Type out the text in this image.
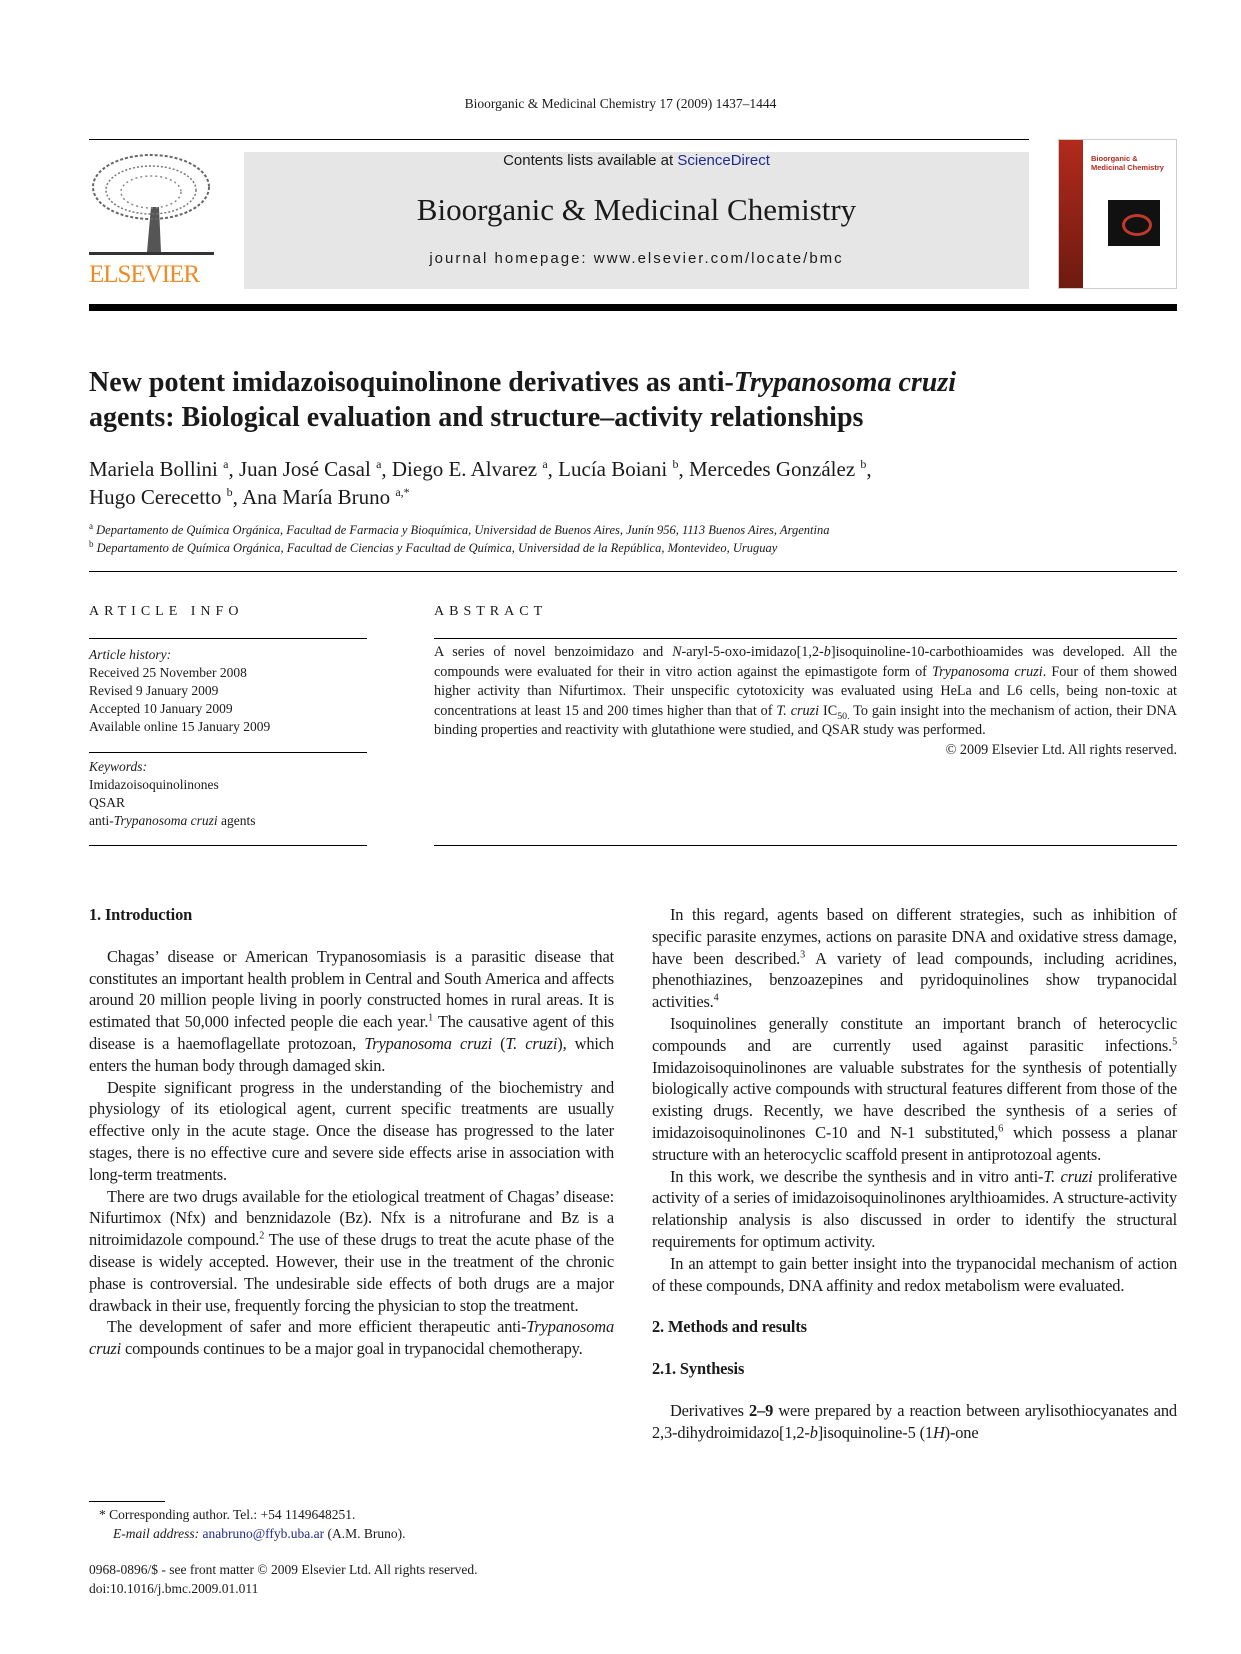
Bioorganic & Medicinal Chemistry 17 (2009) 1437–1444
ELSEVIER
Contents lists available at ScienceDirect
Bioorganic & Medicinal Chemistry
journal homepage: www.elsevier.com/locate/bmc
Bioorganic & Medicinal Chemistry
New potent imidazoisoquinolinone derivatives as anti-Trypanosoma cruzi
agents: Biological evaluation and structure–activity relationships
Mariela Bollini $^a$, Juan José Casal $^a$, Diego E. Alvarez $^a$, Lucía Boiani $^b$, Mercedes González $^b$,
Hugo Cerecetto $^b$, Ana María Bruno $^{a,*}$
$^a$ Departamento de Química Orgánica, Facultad de Farmacia y Bioquímica, Universidad de Buenos Aires, Junín 956, 1113 Buenos Aires, Argentina
$^b$ Departamento de Química Orgánica, Facultad de Ciencias y Facultad de Química, Universidad de la República, Montevideo, Uruguay
ARTICLE INFO	ABSTRACT
Article history:
Received 25 November 2008
Revised 9 January 2009
Accepted 10 January 2009
Available online 15 January 2009
Keywords:
Imidazoisoquinolinones
QSAR
anti-Trypanosoma cruzi agents
A series of novel benzoimidazo and N-aryl-5-oxo-imidazo[1,2-b]isoquinoline-10-carbothioamides was developed. All the compounds were evaluated for their in vitro action against the epimastigote form of Trypanosoma cruzi. Four of them showed higher activity than Nifurtimox. Their unspecific cytotoxicity was evaluated using HeLa and L6 cells, being non-toxic at concentrations at least 15 and 200 times higher than that of T. cruzi $IC_{50.}$ To gain insight into the mechanism of action, their DNA binding properties and reactivity with glutathione were studied, and QSAR study was performed.
© 2009 Elsevier Ltd. All rights reserved.
1. Introduction

Chagas’ disease or American Trypanosomiasis is a parasitic disease that constitutes an important health problem in Central and South America and affects around 20 million people living in poorly constructed homes in rural areas. It is estimated that 50,000 infected people die each year.$^1$ The causative agent of this disease is a haemoflagellate protozoan, Trypanosoma cruzi (T. cruzi), which enters the human body through damaged skin.

Despite significant progress in the understanding of the biochemistry and physiology of its etiological agent, current specific treatments are usually effective only in the acute stage. Once the disease has progressed to the later stages, there is no effective cure and severe side effects arise in association with long-term treatments.

There are two drugs available for the etiological treatment of Chagas’ disease: Nifurtimox (Nfx) and benznidazole (Bz). Nfx is a nitrofurane and Bz is a nitroimidazole compound.$^2$ The use of these drugs to treat the acute phase of the disease is widely accepted. However, their use in the treatment of the chronic phase is controversial. The undesirable side effects of both drugs are a major drawback in their use, frequently forcing the physician to stop the treatment.

The development of safer and more efficient therapeutic anti-Trypanosoma cruzi compounds continues to be a major goal in trypanocidal chemotherapy.

* Corresponding author. Tel.: +54 1149648251.
E-mail address: anabruno@ffyb.uba.ar (A.M. Bruno).
0968-0896/$ - see front matter © 2009 Elsevier Ltd. All rights reserved.
doi:10.1016/j.bmc.2009.01.011

In this regard, agents based on different strategies, such as inhibition of specific parasite enzymes, actions on parasite DNA and oxidative stress damage, have been described.$^3$ A variety of lead compounds, including acridines, phenothiazines, benzoazepines and pyridoquinolines show trypanocidal activities.$^4$

Isoquinolines generally constitute an important branch of heterocyclic compounds and are currently used against parasitic infections.$^5$ Imidazoisoquinolinones are valuable substrates for the synthesis of potentially biologically active compounds with structural features different from those of the existing drugs. Recently, we have described the synthesis of a series of imidazoisoquinolinones C-10 and N-1 substituted,$^6$ which possess a planar structure with an heterocyclic scaffold present in antiprotozoal agents.

In this work, we describe the synthesis and in vitro anti-T. cruzi proliferative activity of a series of imidazoisoquinolinones arylthioamides. A structure-activity relationship analysis is also discussed in order to identify the structural requirements for optimum activity.

In an attempt to gain better insight into the trypanocidal mechanism of action of these compounds, DNA affinity and redox metabolism were evaluated.

2. Methods and results
2.1. Synthesis

Derivatives 2–9 were prepared by a reaction between arylisothiocyanates and 2,3-dihydroimidazo[1,2-b]isoquinoline-5 (1H)-one
